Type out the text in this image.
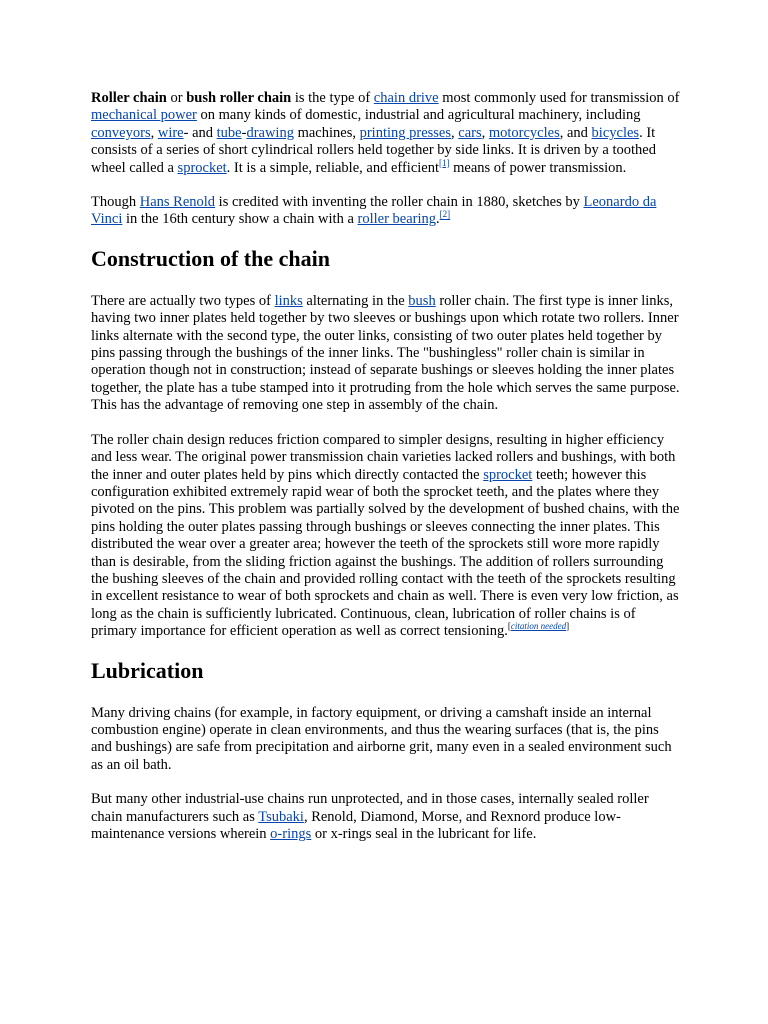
Roller chain or bush roller chain is the type of chain drive most commonly used for transmission of mechanical power on many kinds of domestic, industrial and agricultural machinery, including conveyors, wire- and tube-drawing machines, printing presses, cars, motorcycles, and bicycles. It consists of a series of short cylindrical rollers held together by side links. It is driven by a toothed wheel called a sprocket. It is a simple, reliable, and efficient[1] means of power transmission.

Though Hans Renold is credited with inventing the roller chain in 1880, sketches by Leonardo da Vinci in the 16th century show a chain with a roller bearing.[2]

Construction of the chain

There are actually two types of links alternating in the bush roller chain. The first type is inner links, having two inner plates held together by two sleeves or bushings upon which rotate two rollers. Inner links alternate with the second type, the outer links, consisting of two outer plates held together by pins passing through the bushings of the inner links. The "bushingless" roller chain is similar in operation though not in construction; instead of separate bushings or sleeves holding the inner plates together, the plate has a tube stamped into it protruding from the hole which serves the same purpose. This has the advantage of removing one step in assembly of the chain.

The roller chain design reduces friction compared to simpler designs, resulting in higher efficiency and less wear. The original power transmission chain varieties lacked rollers and bushings, with both the inner and outer plates held by pins which directly contacted the sprocket teeth; however this configuration exhibited extremely rapid wear of both the sprocket teeth, and the plates where they pivoted on the pins. This problem was partially solved by the development of bushed chains, with the pins holding the outer plates passing through bushings or sleeves connecting the inner plates. This distributed the wear over a greater area; however the teeth of the sprockets still wore more rapidly than is desirable, from the sliding friction against the bushings. The addition of rollers surrounding the bushing sleeves of the chain and provided rolling contact with the teeth of the sprockets resulting in excellent resistance to wear of both sprockets and chain as well. There is even very low friction, as long as the chain is sufficiently lubricated. Continuous, clean, lubrication of roller chains is of primary importance for efficient operation as well as correct tensioning.[citation needed]

Lubrication

Many driving chains (for example, in factory equipment, or driving a camshaft inside an internal combustion engine) operate in clean environments, and thus the wearing surfaces (that is, the pins and bushings) are safe from precipitation and airborne grit, many even in a sealed environment such as an oil bath.

But many other industrial-use chains run unprotected, and in those cases, internally sealed roller chain manufacturers such as Tsubaki, Renold, Diamond, Morse, and Rexnord produce low-maintenance versions wherein o-rings or x-rings seal in the lubricant for life.
